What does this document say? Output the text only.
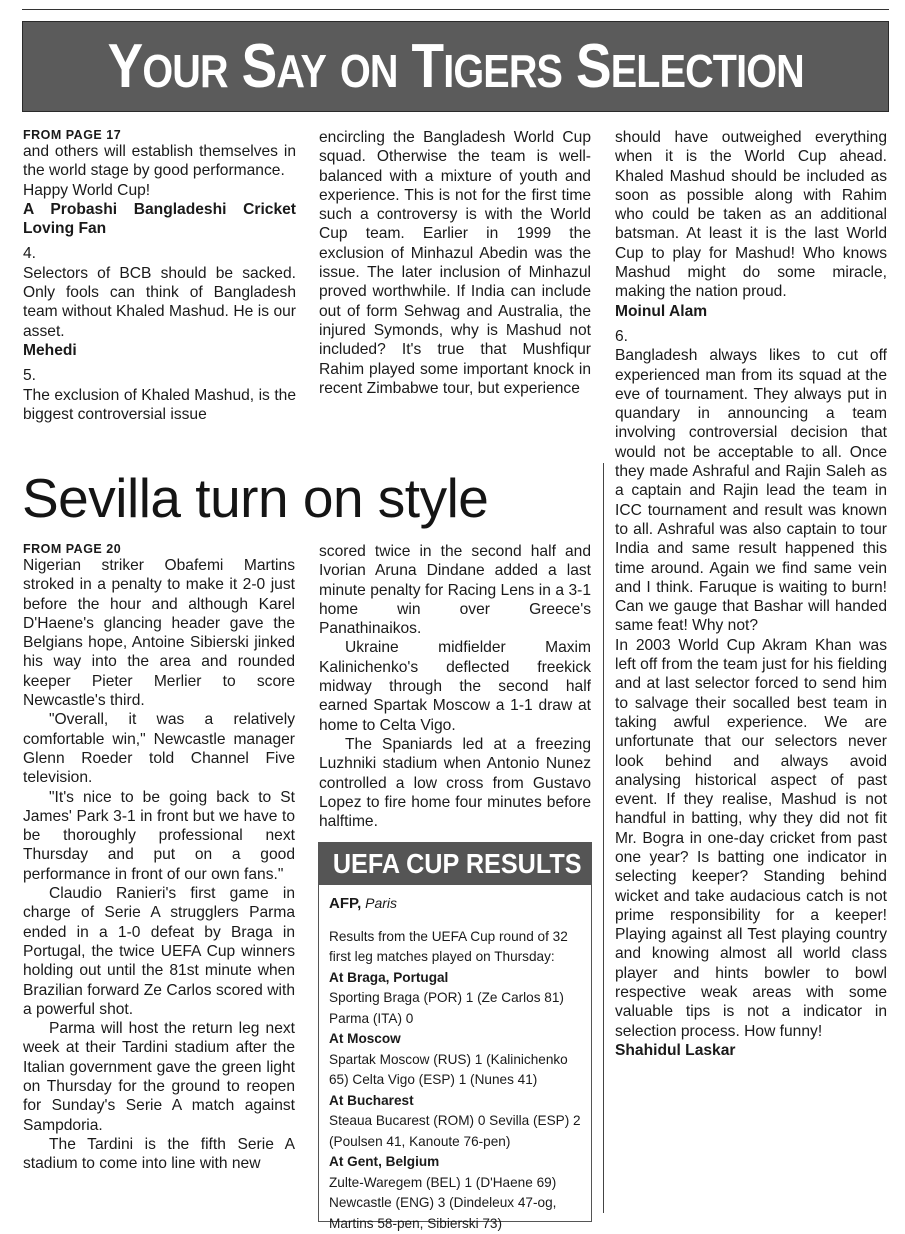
YOUR SAY ON TIGERS SELECTION

FROM PAGE 17

and others will establish themselves in the world stage by good performance.

Happy World Cup!

A Probashi Bangladeshi Cricket Loving Fan

4.

Selectors of BCB should be sacked. Only fools can think of Bangladesh team without Khaled Mashud. He is our asset.

Mehedi

5.

The exclusion of Khaled Mashud, is the biggest controversial issue

encircling the Bangladesh World Cup squad. Otherwise the team is well-balanced with a mixture of youth and experience. This is not for the first time such a controversy is with the World Cup team. Earlier in 1999 the exclusion of Minhazul Abedin was the issue. The later inclusion of Minhazul proved worthwhile. If India can include out of form Sehwag and Australia, the injured Symonds, why is Mashud not included? It's true that Mushfiqur Rahim played some important knock in recent Zimbabwe tour, but experience

should have outweighed everything when it is the World Cup ahead. Khaled Mashud should be included as soon as possible along with Rahim who could be taken as an additional batsman. At least it is the last World Cup to play for Mashud! Who knows Mashud might do some miracle, making the nation proud.

Moinul Alam

6.

Bangladesh always likes to cut off experienced man from its squad at the eve of tournament. They always put in quandary in announcing a team involving controversial decision that would not be acceptable to all. Once they made Ashraful and Rajin Saleh as a captain and Rajin lead the team in ICC tournament and result was known to all. Ashraful was also captain to tour India and same result happened this time around. Again we find same vein and I think. Faruque is waiting to burn! Can we gauge that Bashar will handed same feat! Why not?

In 2003 World Cup Akram Khan was left off from the team just for his fielding and at last selector forced to send him to salvage their socalled best team in taking awful experience. We are unfortunate that our selectors never look behind and always avoid analysing historical aspect of past event. If they realise, Mashud is not handful in batting, why they did not fit Mr. Bogra in one-day cricket from past one year? Is batting one indicator in selecting keeper? Standing behind wicket and take audacious catch is not prime responsibility for a keeper! Playing against all Test playing country and knowing almost all world class player and hints bowler to bowl respective weak areas with some valuable tips is not a indicator in selection process. How funny!

Shahidul Laskar

Sevilla turn on style

FROM PAGE 20

Nigerian striker Obafemi Martins stroked in a penalty to make it 2-0 just before the hour and although Karel D'Haene's glancing header gave the Belgians hope, Antoine Sibierski jinked his way into the area and rounded keeper Pieter Merlier to score Newcastle's third.

"Overall, it was a relatively comfortable win," Newcastle manager Glenn Roeder told Channel Five television.

"It's nice to be going back to St James' Park 3-1 in front but we have to be thoroughly professional next Thursday and put on a good performance in front of our own fans."

Claudio Ranieri's first game in charge of Serie A strugglers Parma ended in a 1-0 defeat by Braga in Portugal, the twice UEFA Cup winners holding out until the 81st minute when Brazilian forward Ze Carlos scored with a powerful shot.

Parma will host the return leg next week at their Tardini stadium after the Italian government gave the green light on Thursday for the ground to reopen for Sunday's Serie A match against Sampdoria.

The Tardini is the fifth Serie A stadium to come into line with new

scored twice in the second half and Ivorian Aruna Dindane added a last minute penalty for Racing Lens in a 3-1 home win over Greece's Panathinaikos.

Ukraine midfielder Maxim Kalinichenko's deflected freekick midway through the second half earned Spartak Moscow a 1-1 draw at home to Celta Vigo.

The Spaniards led at a freezing Luzhniki stadium when Antonio Nunez controlled a low cross from Gustavo Lopez to fire home four minutes before halftime.

UEFA CUP RESULTS

AFP, Paris

Results from the UEFA Cup round of 32 first leg matches played on Thursday:

At Braga, Portugal

Sporting Braga (POR) 1 (Ze Carlos 81) Parma (ITA) 0

At Moscow

Spartak Moscow (RUS) 1 (Kalinichenko 65) Celta Vigo (ESP) 1 (Nunes 41)

At Bucharest

Steaua Bucarest (ROM) 0 Sevilla (ESP) 2 (Poulsen 41, Kanoute 76-pen)

At Gent, Belgium

Zulte-Waregem (BEL) 1 (D'Haene 69) Newcastle (ENG) 3 (Dindeleux 47-og, Martins 58-pen, Sibierski 73)
